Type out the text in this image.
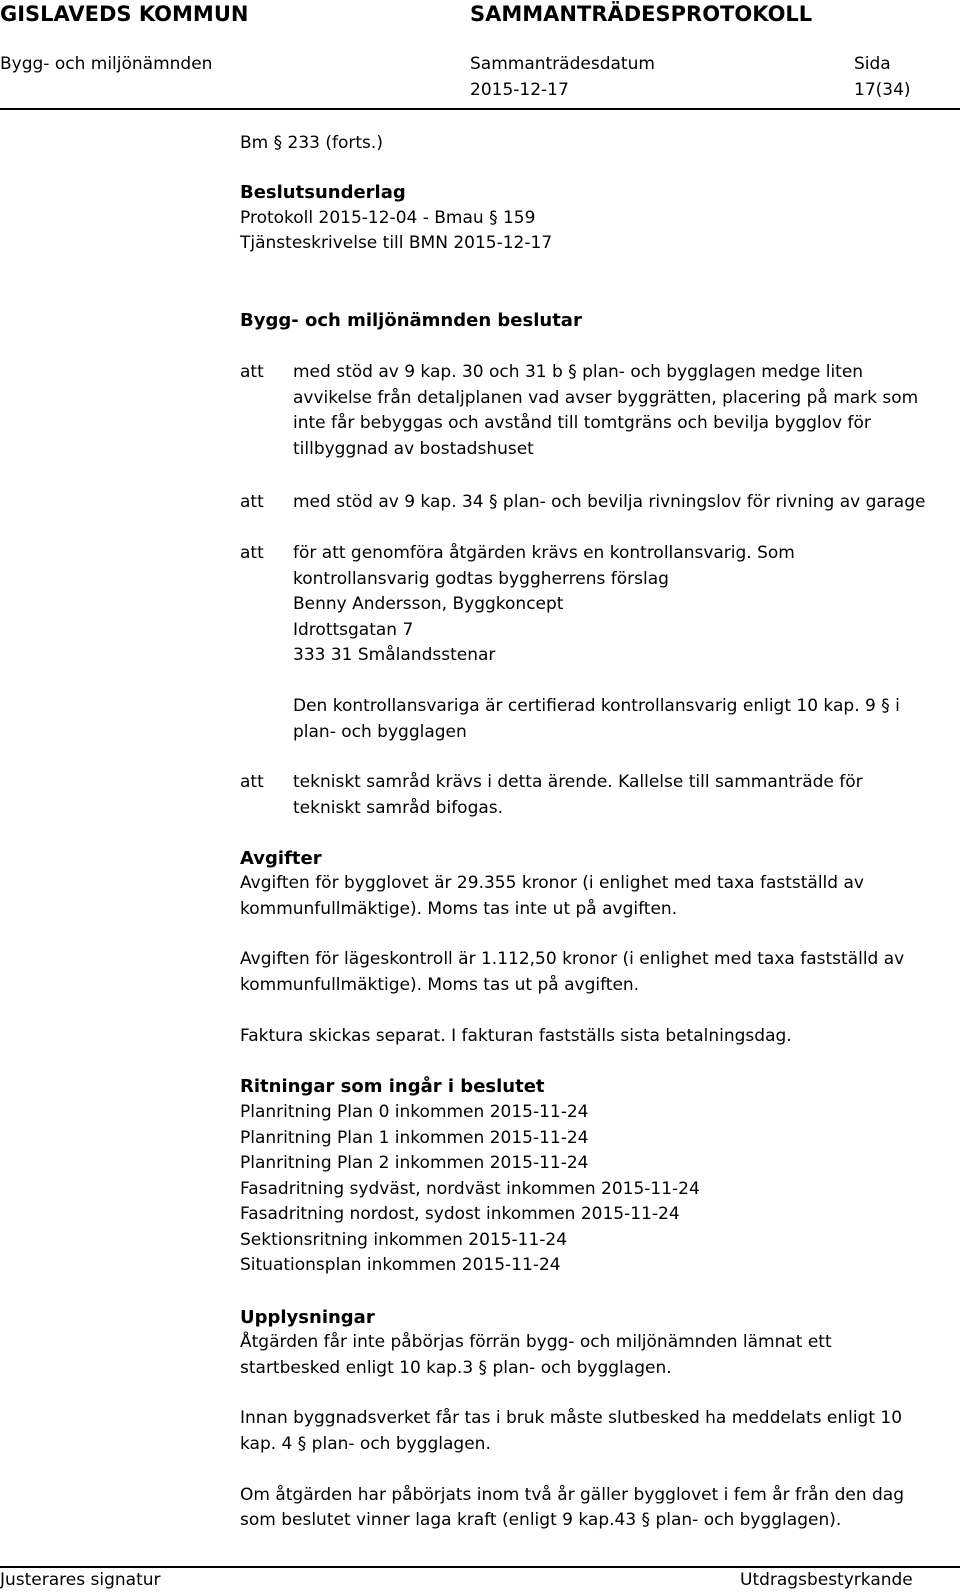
GISLAVEDS KOMMUN	SAMMANTRÄDESPROTOKOLL
Bygg- och miljönämnden	Sammanträdesdatum
2015-12-17
Sida
17(34)
Bm § 233 (forts.)
Beslutsunderlag
Protokoll 2015-12-04 - Bmau § 159
Tjänsteskrivelse till BMN 2015-12-17
Bygg- och miljönämnden beslutar
att med stöd av 9 kap. 30 och 31 b § plan- och bygglagen medge liten
avvikelse från detaljplanen vad avser byggrätten, placering på mark som
inte får bebyggas och avstånd till tomtgräns och bevilja bygglov för
tillbyggnad av bostadshuset
att med stöd av 9 kap. 34 § plan- och bevilja rivningslov för rivning av garage
att för att genomföra åtgärden krävs en kontrollansvarig. Som
kontrollansvarig godtas byggherrens förslag
Benny Andersson, Byggkoncept
Idrottsgatan 7
333 31 Smålandsstenar
Den kontrollansvariga är certifierad kontrollansvarig enligt 10 kap. 9 § i
plan- och bygglagen
att tekniskt samråd krävs i detta ärende. Kallelse till sammanträde för
tekniskt samråd bifogas.
Avgifter
Avgiften för bygglovet är 29.355 kronor (i enlighet med taxa fastställd av
kommunfullmäktige). Moms tas inte ut på avgiften.
Avgiften för lägeskontroll är 1.112,50 kronor (i enlighet med taxa fastställd av
kommunfullmäktige). Moms tas ut på avgiften.
Faktura skickas separat. I fakturan fastställs sista betalningsdag.
Ritningar som ingår i beslutet
Planritning Plan 0 inkommen 2015-11-24
Planritning Plan 1 inkommen 2015-11-24
Planritning Plan 2 inkommen 2015-11-24
Fasadritning sydväst, nordväst inkommen 2015-11-24
Fasadritning nordost, sydost inkommen 2015-11-24
Sektionsritning inkommen 2015-11-24
Situationsplan inkommen 2015-11-24
Upplysningar
Åtgärden får inte påbörjas förrän bygg- och miljönämnden lämnat ett
startbesked enligt 10 kap.3 § plan- och bygglagen.
Innan byggnadsverket får tas i bruk måste slutbesked ha meddelats enligt 10
kap. 4 § plan- och bygglagen.
Om åtgärden har påbörjats inom två år gäller bygglovet i fem år från den dag
som beslutet vinner laga kraft (enligt 9 kap.43 § plan- och bygglagen).
Justerares signatur	Utdragsbestyrkande
